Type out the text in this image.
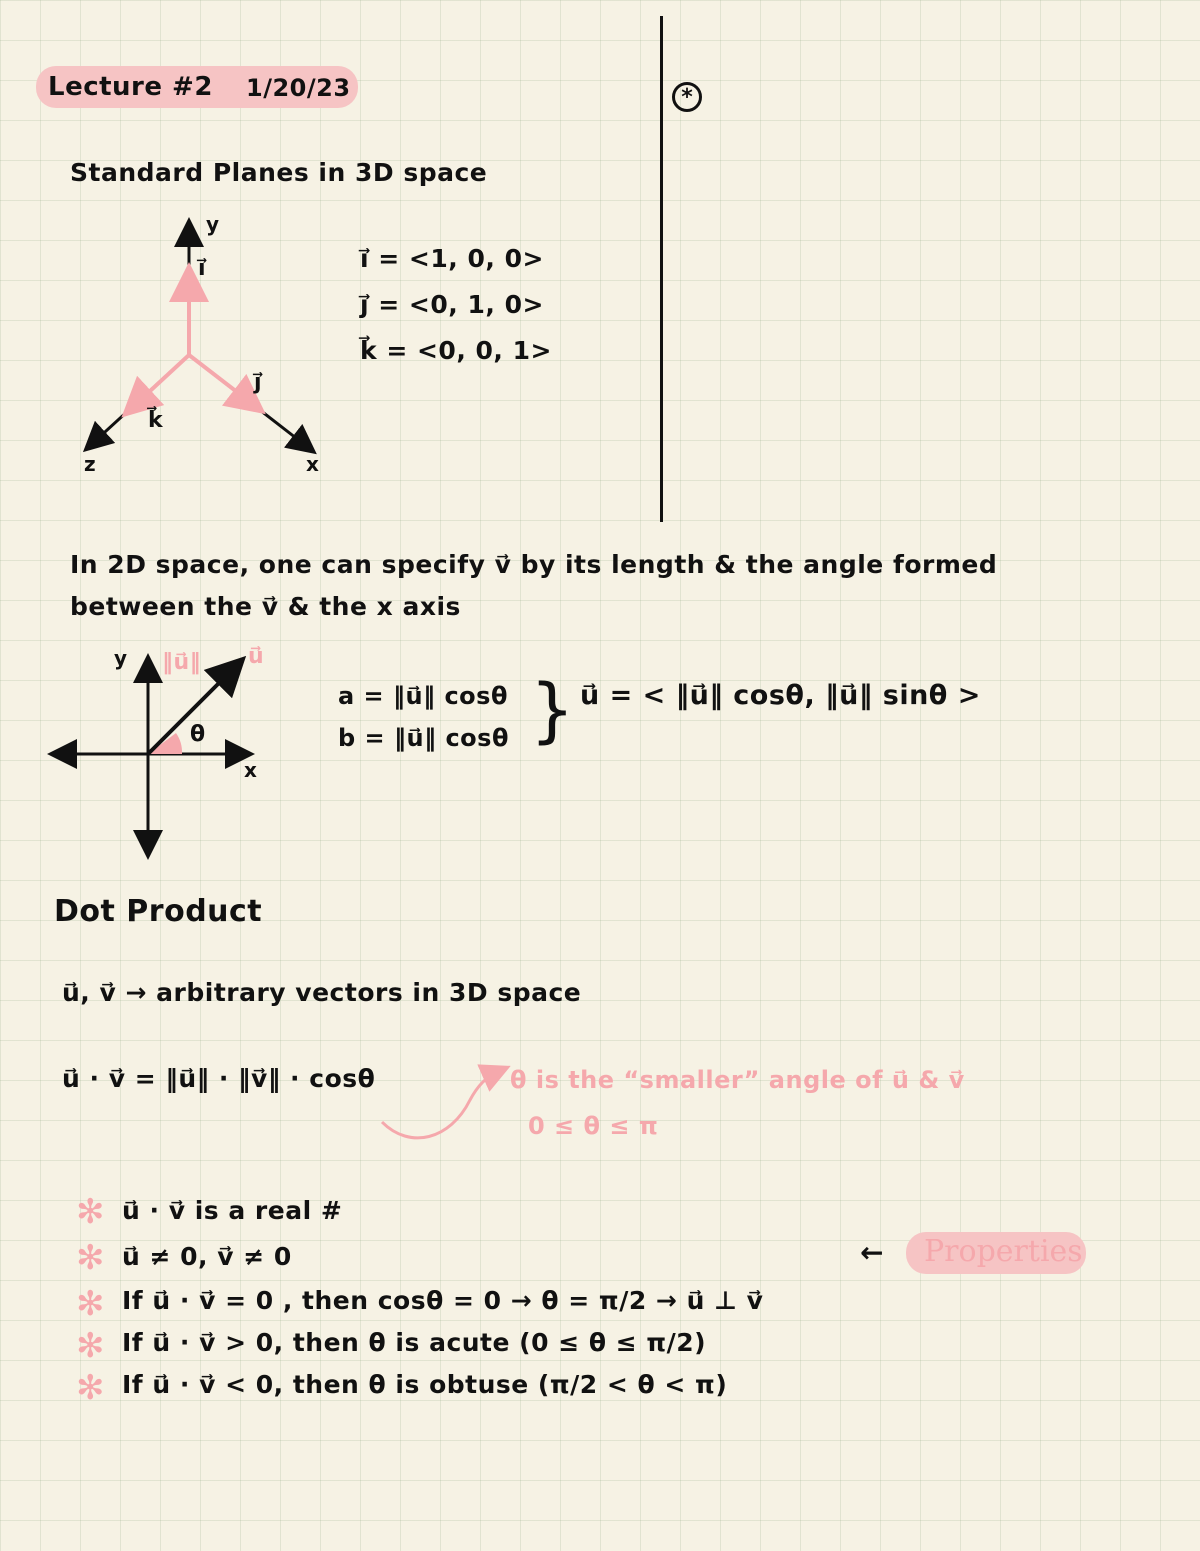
Lecture #2 1/20/23	*
Standard Planes in 3D space
y
x
z
i⃗
j⃗
k⃗
i⃗ = <1, 0, 0>
j⃗ = <0, 1, 0>
k⃗ = <0, 0, 1>
In 2D space, one can specify v⃗ by its length & the angle formed
between the v⃗ & the x axis
y
x
θ
‖u⃗‖ u⃗
a = ‖u⃗‖ cosθ
b = ‖u⃗‖ cosθ } u⃗ = < ‖u⃗‖ cosθ, ‖u⃗‖ sinθ >
Dot Product
u⃗, v⃗ → arbitrary vectors in 3D space
u⃗ · v⃗ = ‖u⃗‖ · ‖v⃗‖ · cosθ	θ is the “smaller” angle of u⃗ & v⃗
0 ≤ θ ≤ π
✻ u⃗ · v⃗ is a real #
✻ u⃗ ≠ 0, v⃗ ≠ 0
✻ If u⃗ · v⃗ = 0 , then cosθ = 0 → θ = π/2 → u⃗ ⊥ v⃗
✻ If u⃗ · v⃗ > 0, then θ is acute (0 ≤ θ ≤ π/2)
✻ If u⃗ · v⃗ < 0, then θ is obtuse (π/2 < θ < π)
← Properties
